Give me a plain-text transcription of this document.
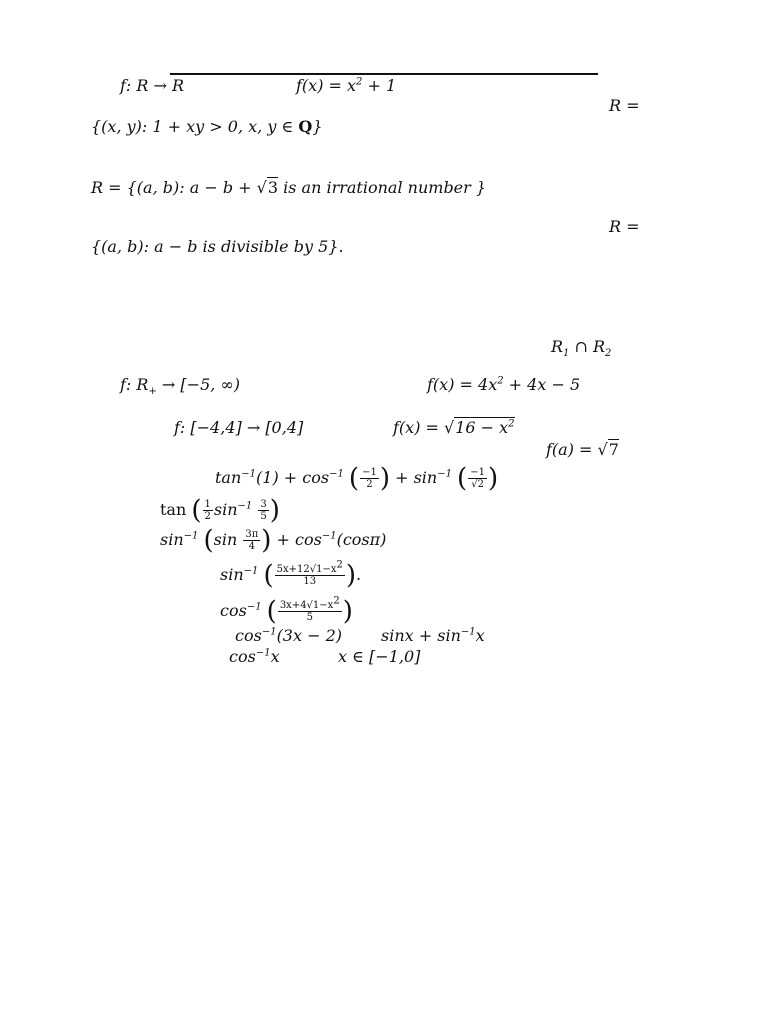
f: R → R	$f(x) = x^2 + 1$
R =
{(x, y): 1 + xy > 0, x, y ∈ Q}
R = {(a, b): a − b + √3 is an irrational number }
R =
{(a, b): a − b is divisible by 5}.
$R_1$ ∩ $R_2$
f: $R_+ \to [-5$, ∞)	$f(x) = 4x^2 + 4x - 5$
f: [−4,4] → [0,4]	$f(x) = √16 - x^2$
f(a) = √7
$\tan^{-1}(1) + \cos^{-1}$ ( $\frac{-1}{2}$ ) + $\sin^{-1}$ ( $\frac{-1}{√2}$ )
tan ( $\frac{1}{2} \sin^{-1} \frac{3}{5}$ )
$\sin^{-1} (\sin \frac{3\pi}{4}$ ) + $\cos^{-1}(\cos\pi)$
$\sin^{-1}$ ( $\frac{5x+12√1-x^2}{13}$ ).
$\cos^{-1}$ ( $\frac{3x+4√1-x^2}{5}$ )
$\cos^{-1}(3x - 2) \sin x + \sin^{-1}x$
$\cos^{-1}x$	x ∈ [−1,0]
